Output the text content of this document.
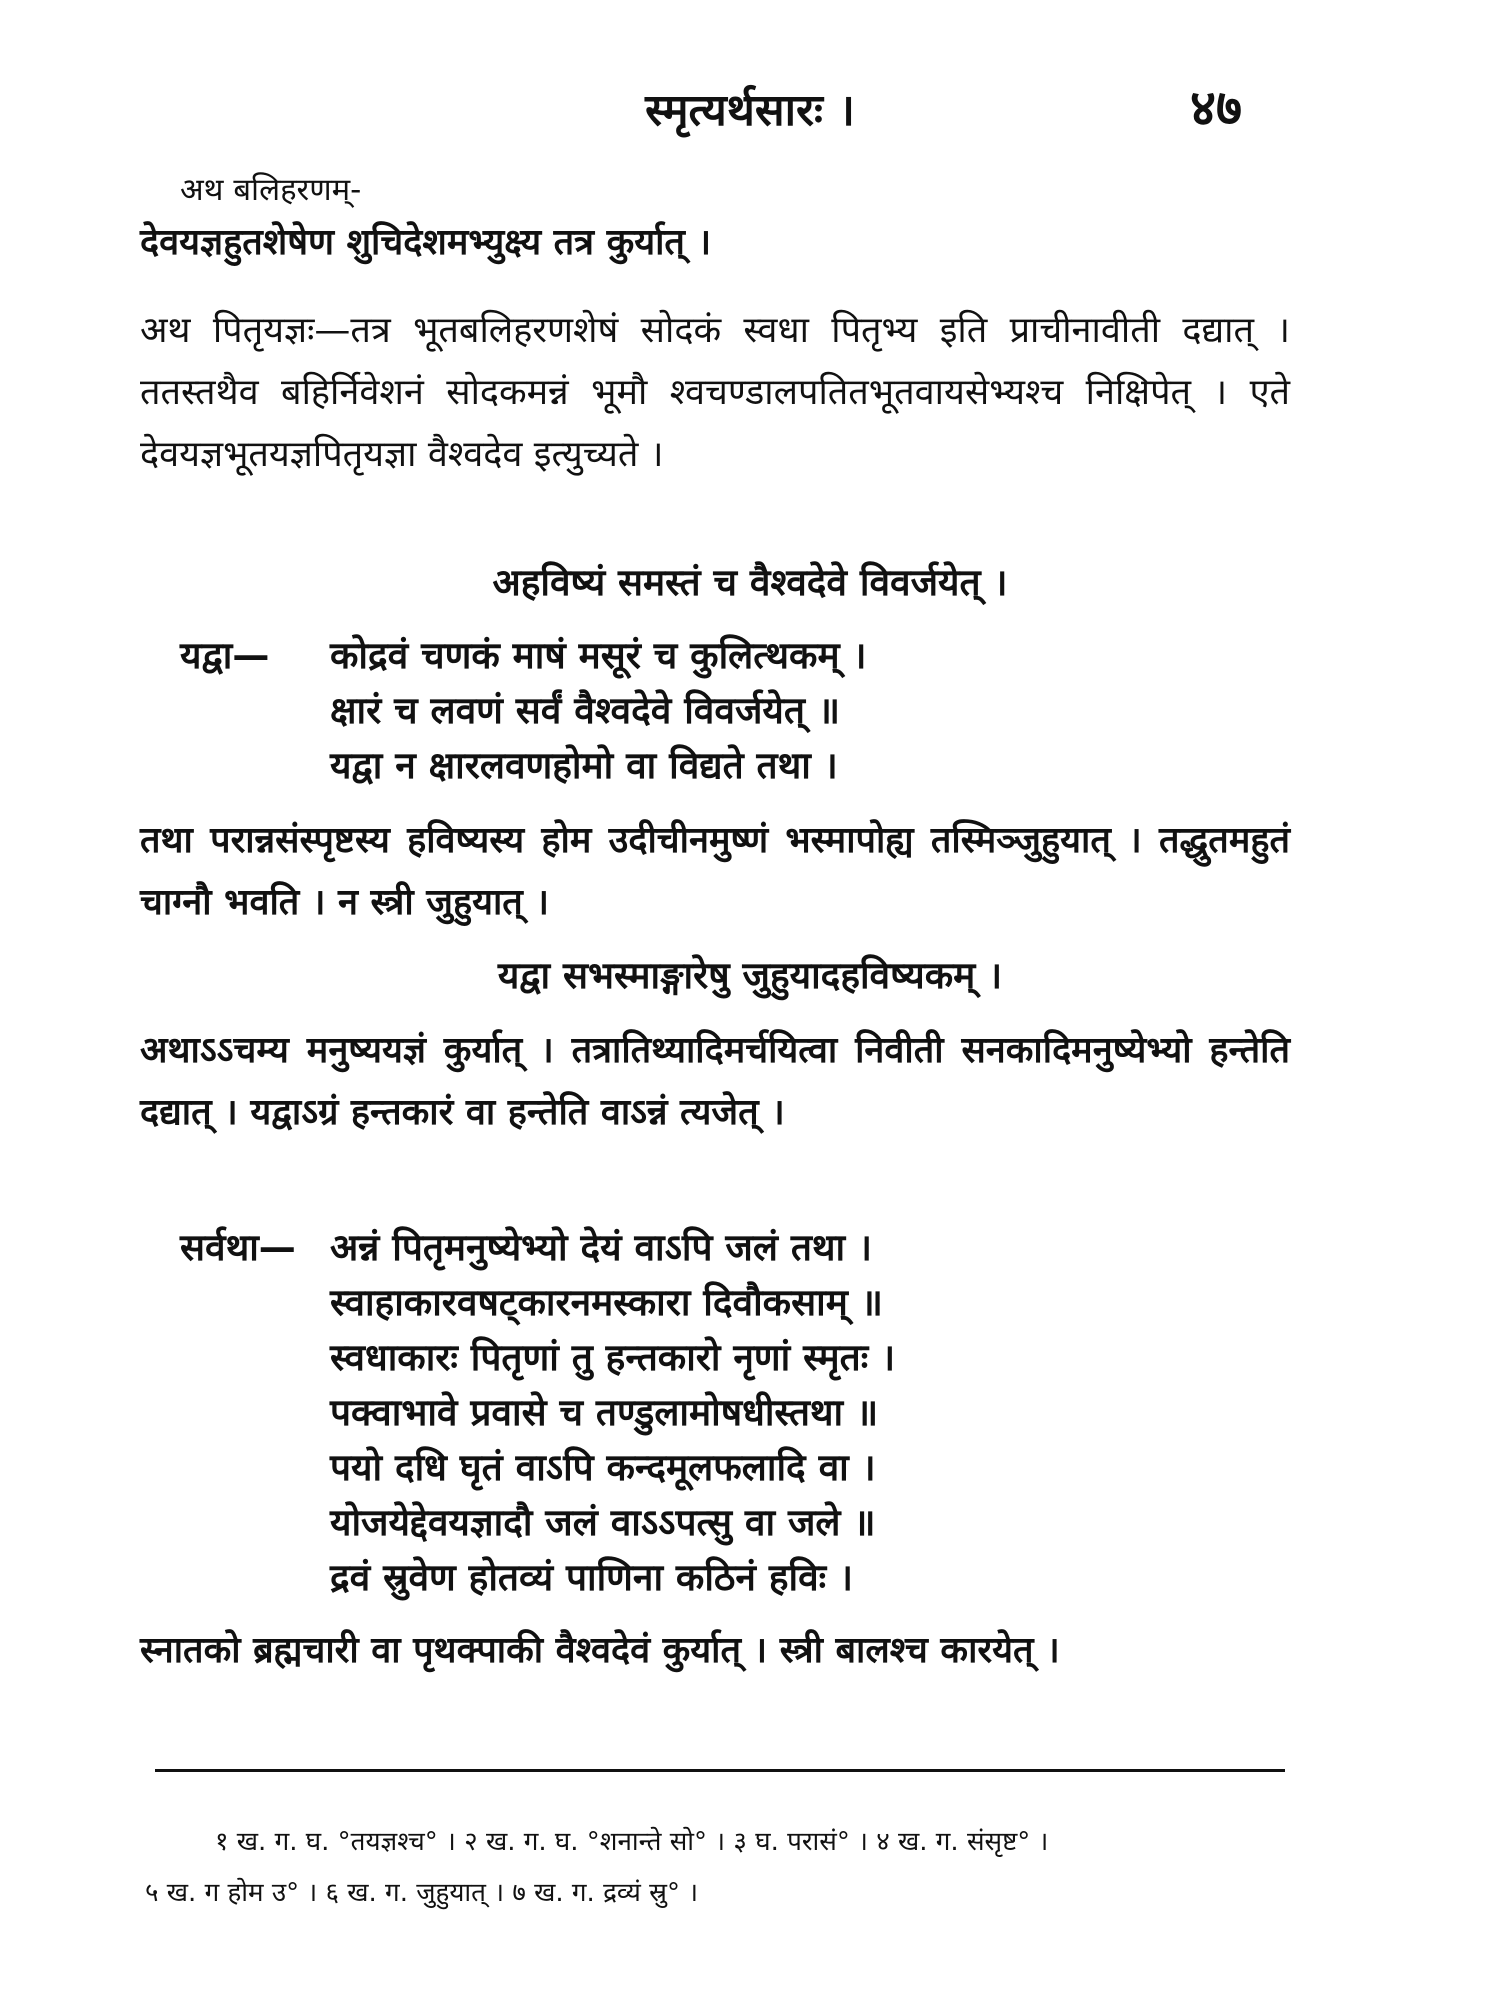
स्मृत्यर्थसारः ।	४७
अथ बलिहरणम्-
देवयज्ञहुतशेषेण शुचिदेशमभ्युक्ष्य तत्र कुर्यात् ।
अथ पितृयज्ञः—तत्र भूतबलिहरणशेषं सोदकं स्वधा पितृभ्य इति प्राचीनावीती दद्यात् । ततस्तथैव बहिर्निवेशनं सोदकमन्नं भूमौ श्वचण्डालपतितभूतवायसेभ्यश्च निक्षिपेत् । एते देवयज्ञभूतयज्ञपितृयज्ञा वैश्वदेव इत्युच्यते ।
अहविष्यं समस्तं च वैश्वदेवे विवर्जयेत् ।
यद्वा— कोद्रवं चणकं माषं मसूरं च कुलित्थकम् ।
क्षारं च लवणं सर्वं वैश्वदेवे विवर्जयेत् ॥
यद्वा न क्षारलवणहोमो वा विद्यते तथा ।
तथा परान्नसंस्पृष्टस्य हविष्यस्य होम उदीचीनमुष्णं भस्मापोह्य तस्मिञ्जुहुयात् । तद्धुतमहुतं चाग्नौ भवति । न स्त्री जुहुयात् ।
यद्वा सभस्माङ्गारेषु जुहुयादहविष्यकम् ।
अथाऽऽचम्य मनुष्ययज्ञं कुर्यात् । तत्रातिथ्यादिमर्चयित्वा निवीती सनकादिमनुष्येभ्यो हन्तेति दद्यात् । यद्वाऽग्रं हन्तकारं वा हन्तेति वाऽन्नं त्यजेत् ।
सर्वथा— अन्नं पितृमनुष्येभ्यो देयं वाऽपि जलं तथा ।
स्वाहाकारवषट्कारनमस्कारा दिवौकसाम् ॥
स्वधाकारः पितृणां तु हन्तकारो नृणां स्मृतः ।
पक्वाभावे प्रवासे च तण्डुलामोषधीस्तथा ॥
पयो दधि घृतं वाऽपि कन्दमूलफलादि वा ।
योजयेद्देवयज्ञादौ जलं वाऽऽपत्सु वा जले ॥
द्रवं स्रुवेण होतव्यं पाणिना कठिनं हविः ।
स्नातको ब्रह्मचारी वा पृथक्पाकी वैश्वदेवं कुर्यात् । स्त्री बालश्च कारयेत् ।
१ ख. ग. घ. °तयज्ञश्च° । २ ख. ग. घ. °शनान्ते सो° । ३ घ. परासं° । ४ ख. ग. संसृष्ट° ।
५ ख. ग होम उ° । ६ ख. ग. जुहुयात् । ७ ख. ग. द्रव्यं स्रु° ।
